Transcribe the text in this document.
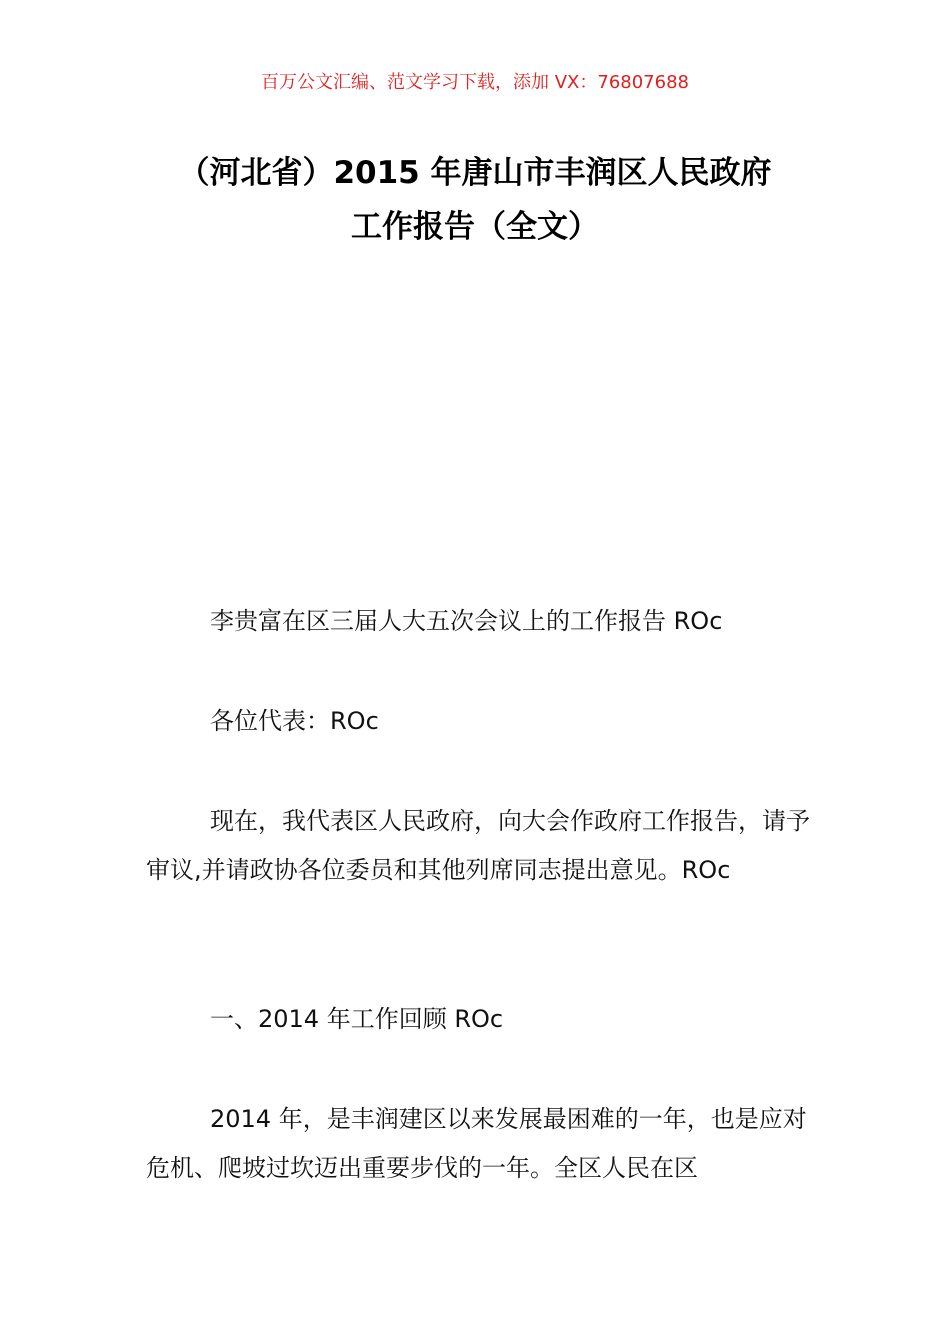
百万公文汇编、范文学习下载，添加 VX：76807688
（河北省）2015 年唐山市丰润区人民政府
工作报告（全文）

李贵富在区三届人大五次会议上的工作报告 ROc

各位代表：ROc

现在，我代表区人民政府，向大会作政府工作报告，请予审议,并请政协各位委员和其他列席同志提出意见。ROc

一、2014 年工作回顾 ROc

2014 年，是丰润建区以来发展最困难的一年，也是应对危机、爬坡过坎迈出重要步伐的一年。全区人民在区
